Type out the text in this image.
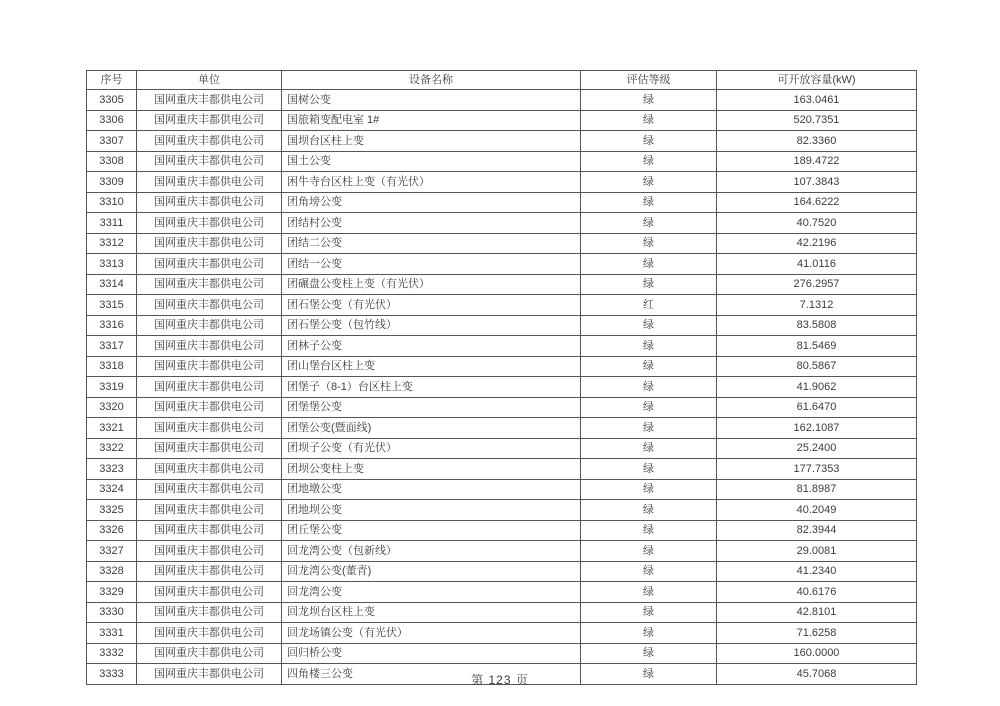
序号	单位	设备名称	评估等级	可开放容量(kW)
3305	国网重庆丰都供电公司	国树公变	绿	163.0461
3306	国网重庆丰都供电公司	国旅箱变配电室 1#	绿	520.7351
3307	国网重庆丰都供电公司	国坝台区柱上变	绿	82.3360
3308	国网重庆丰都供电公司	国土公变	绿	189.4722
3309	国网重庆丰都供电公司	困牛寺台区柱上变（有光伏）	绿	107.3843
3310	国网重庆丰都供电公司	团角塝公变	绿	164.6222
3311	国网重庆丰都供电公司	团结村公变	绿	40.7520
3312	国网重庆丰都供电公司	团结二公变	绿	42.2196
3313	国网重庆丰都供电公司	团结一公变	绿	41.0116
3314	国网重庆丰都供电公司	团碾盘公变柱上变（有光伏）	绿	276.2957
3315	国网重庆丰都供电公司	团石堡公变（有光伏）	红	7.1312
3316	国网重庆丰都供电公司	团石堡公变（包竹线）	绿	83.5808
3317	国网重庆丰都供电公司	团林子公变	绿	81.5469
3318	国网重庆丰都供电公司	团山堡台区柱上变	绿	80.5867
3319	国网重庆丰都供电公司	团堡子（8-1）台区柱上变	绿	41.9062
3320	国网重庆丰都供电公司	团堡堡公变	绿	61.6470
3321	国网重庆丰都供电公司	团堡公变(暨面线)	绿	162.1087
3322	国网重庆丰都供电公司	团坝子公变（有光伏）	绿	25.2400
3323	国网重庆丰都供电公司	团坝公变柱上变	绿	177.7353
3324	国网重庆丰都供电公司	团地墩公变	绿	81.8987
3325	国网重庆丰都供电公司	团地坝公变	绿	40.2049
3326	国网重庆丰都供电公司	团丘堡公变	绿	82.3944
3327	国网重庆丰都供电公司	回龙湾公变（包新线）	绿	29.0081
3328	国网重庆丰都供电公司	回龙湾公变(董青)	绿	41.2340
3329	国网重庆丰都供电公司	回龙湾公变	绿	40.6176
3330	国网重庆丰都供电公司	回龙坝台区柱上变	绿	42.8101
3331	国网重庆丰都供电公司	回龙场镇公变（有光伏）	绿	71.6258
3332	国网重庆丰都供电公司	回归桥公变	绿	160.0000
3333	国网重庆丰都供电公司	四角楼三公变	绿	45.7068
第 123 页
